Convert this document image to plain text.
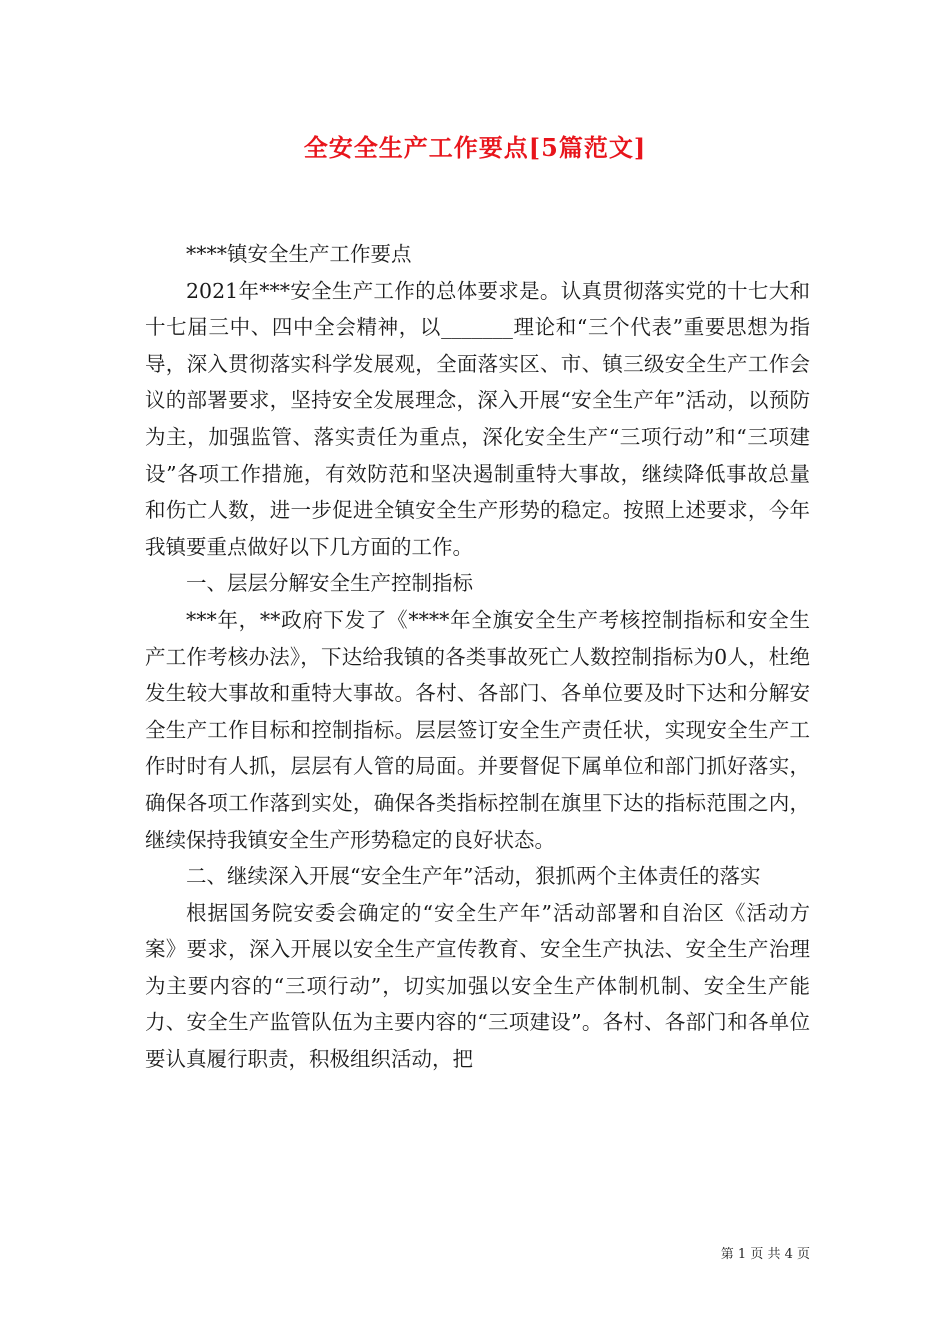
全安全生产工作要点[5篇范文]

****镇安全生产工作要点

2021年***安全生产工作的总体要求是。认真贯彻落实党的十七大和十七届三中、四中全会精神，以_______理论和“三个代表”重要思想为指导，深入贯彻落实科学发展观，全面落实区、市、镇三级安全生产工作会议的部署要求，坚持安全发展理念，深入开展“安全生产年”活动，以预防为主，加强监管、落实责任为重点，深化安全生产“三项行动”和“三项建设”各项工作措施，有效防范和坚决遏制重特大事故，继续降低事故总量和伤亡人数，进一步促进全镇安全生产形势的稳定。按照上述要求，今年我镇要重点做好以下几方面的工作。

一、层层分解安全生产控制指标

***年，**政府下发了《****年全旗安全生产考核控制指标和安全生产工作考核办法》，下达给我镇的各类事故死亡人数控制指标为0人，杜绝发生较大事故和重特大事故。各村、各部门、各单位要及时下达和分解安全生产工作目标和控制指标。层层签订安全生产责任状，实现安全生产工作时时有人抓，层层有人管的局面。并要督促下属单位和部门抓好落实，确保各项工作落到实处，确保各类指标控制在旗里下达的指标范围之内，继续保持我镇安全生产形势稳定的良好状态。

二、继续深入开展“安全生产年”活动，狠抓两个主体责任的落实

根据国务院安委会确定的“安全生产年”活动部署和自治区《活动方案》要求，深入开展以安全生产宣传教育、安全生产执法、安全生产治理为主要内容的“三项行动”，切实加强以安全生产体制机制、安全生产能力、安全生产监管队伍为主要内容的“三项建设”。各村、各部门和各单位要认真履行职责，积极组织活动，把

第 1 页 共 4 页
